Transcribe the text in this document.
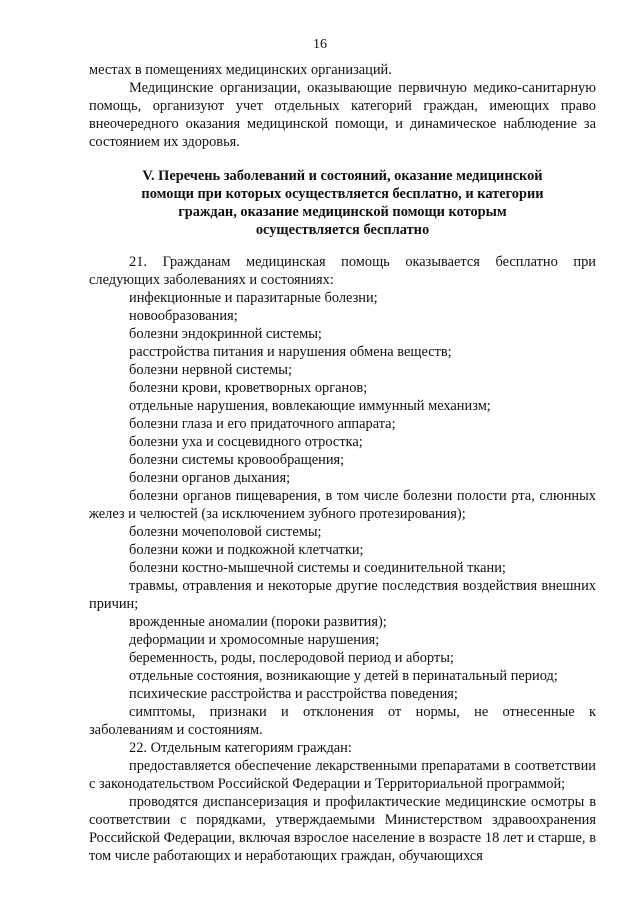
16

местах в помещениях медицинских организаций.

Медицинские организации, оказывающие первичную медико-санитарную помощь, организуют учет отдельных категорий граждан, имеющих право внеочередного оказания медицинской помощи, и динамическое наблюдение за состоянием их здоровья.

V. Перечень заболеваний и состояний, оказание медицинской
помощи при которых осуществляется бесплатно, и категории
граждан, оказание медицинской помощи которым
осуществляется бесплатно

21. Гражданам медицинская помощь оказывается бесплатно при следующих заболеваниях и состояниях:

инфекционные и паразитарные болезни;
новообразования;
болезни эндокринной системы;
расстройства питания и нарушения обмена веществ;
болезни нервной системы;
болезни крови, кроветворных органов;
отдельные нарушения, вовлекающие иммунный механизм;
болезни глаза и его придаточного аппарата;
болезни уха и сосцевидного отростка;
болезни системы кровообращения;
болезни органов дыхания;
болезни органов пищеварения, в том числе болезни полости рта, слюнных желез и челюстей (за исключением зубного протезирования);
болезни мочеполовой системы;
болезни кожи и подкожной клетчатки;
болезни костно-мышечной системы и соединительной ткани;
травмы, отравления и некоторые другие последствия воздействия внешних причин;
врожденные аномалии (пороки развития);
деформации и хромосомные нарушения;
беременность, роды, послеродовой период и аборты;
отдельные состояния, возникающие у детей в перинатальный период;
психические расстройства и расстройства поведения;
симптомы, признаки и отклонения от нормы, не отнесенные к заболеваниям и состояниям.

22. Отдельным категориям граждан:

предоставляется обеспечение лекарственными препаратами в соответствии с законодательством Российской Федерации и Территориальной программой;
проводятся диспансеризация и профилактические медицинские осмотры в соответствии с порядками, утверждаемыми Министерством здравоохранения Российской Федерации, включая взрослое население в возрасте 18 лет и старше, в том числе работающих и неработающих граждан, обучающихся
